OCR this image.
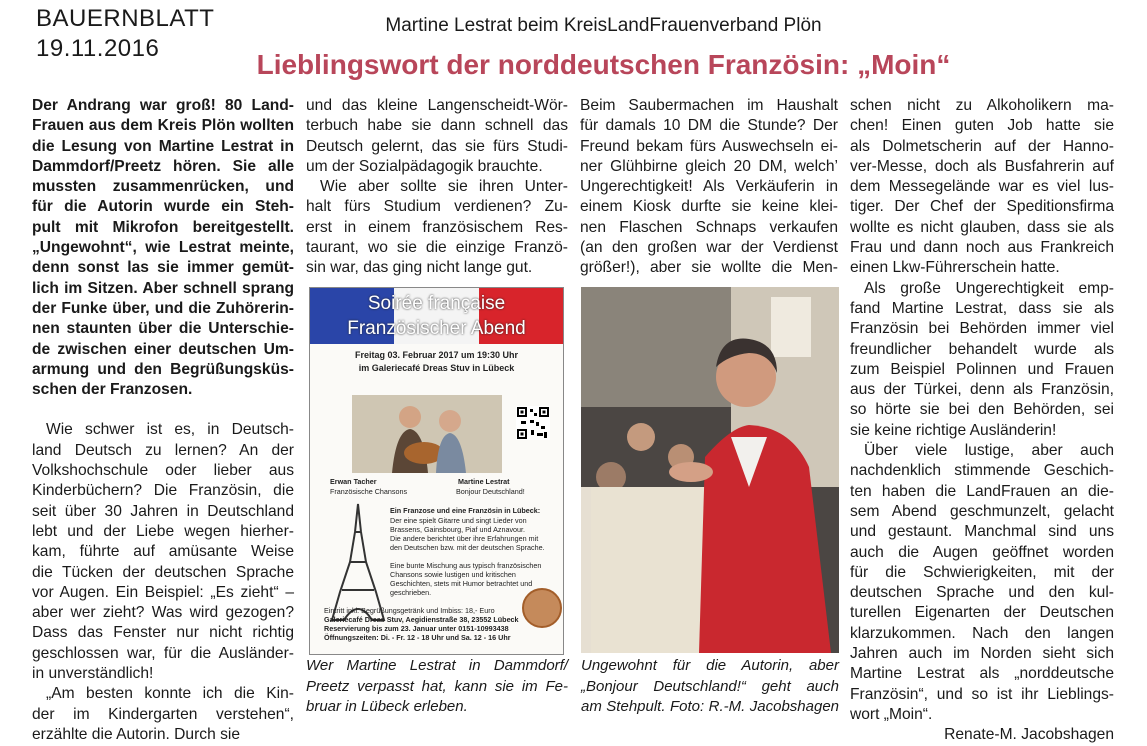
BAUERNBLATT
19.11.2016
Martine Lestrat beim KreisLandFrauenverband Plön
Lieblingswort der norddeutschen Französin: „Moin“
Der Andrang war groß! 80 Land-
Frauen aus dem Kreis Plön wollten
die Lesung von Martine Lestrat in
Dammdorf/Preetz hören. Sie alle
mussten zusammenrücken, und
für die Autorin wurde ein Steh-
pult mit Mikrofon bereitgestellt.
„Ungewohnt“, wie Lestrat meinte,
denn sonst las sie immer gemüt-
lich im Sitzen. Aber schnell sprang
der Funke über, und die Zuhörerin-
nen staunten über die Unterschie-
de zwischen einer deutschen Um-
armung und den Begrüßungsküs-
schen der Franzosen.
Wie schwer ist es, in Deutsch-
land Deutsch zu lernen? An der
Volkshochschule oder lieber aus
Kinderbüchern? Die Französin, die
seit über 30 Jahren in Deutschland
lebt und der Liebe wegen hierher-
kam, führte auf amüsante Weise
die Tücken der deutschen Sprache
vor Augen. Ein Beispiel: „Es zieht“ –
aber wer zieht? Was wird gezogen?
Dass das Fenster nur nicht richtig
geschlossen war, für die Ausländer-
in unverständlich!
„Am besten konnte ich die Kin-
der im Kindergarten verstehen“,
erzählte die Autorin. Durch sie
und das kleine Langenscheidt-Wör-
terbuch habe sie dann schnell das
Deutsch gelernt, das sie fürs Studi-
um der Sozialpädagogik brauchte.
Wie aber sollte sie ihren Unter-
halt fürs Studium verdienen? Zu-
erst in einem französischem Res-
taurant, wo sie die einzige Franzö-
sin war, das ging nicht lange gut.
Soirée française
Französischer Abend
Freitag 03. Februar 2017 um 19:30 Uhr
im Galeriecafé Dreas Stuv in Lübeck
Erwan Tacher
Französische Chansons
Martine Lestrat
Bonjour Deutschland!
Ein Franzose und eine Französin in Lübeck:
Der eine spielt Gitarre und singt Lieder von
Brassens, Gainsbourg, Piaf und Aznavour.
Die andere berichtet über ihre Erfahrungen mit
den Deutschen bzw. mit der deutschen Sprache.
Eine bunte Mischung aus typisch französischen
Chansons sowie lustigen und kritischen
Geschichten, stets mit Humor betrachtet und
geschrieben.
Eintritt inkl. Begrüßungsgetränk und Imbiss: 18,- Euro
Galeriecafé Dreas Stuv, Aegidienstraße 38, 23552 Lübeck
Reservierung bis zum 23. Januar unter 0151-10993438
Öffnungszeiten: Di. - Fr. 12 - 18 Uhr und Sa. 12 - 16 Uhr
Wer Martine Lestrat in Dammdorf/
Preetz verpasst hat, kann sie im Fe-
bruar in Lübeck erleben.
Beim Saubermachen im Haushalt
für damals 10 DM die Stunde? Der
Freund bekam fürs Auswechseln ei-
ner Glühbirne gleich 20 DM, welch’
Ungerechtigkeit! Als Verkäuferin in
einem Kiosk durfte sie keine klei-
nen Flaschen Schnaps verkaufen
(an den großen war der Verdienst
größer!), aber sie wollte die Men-
Ungewohnt für die Autorin, aber
„Bonjour Deutschland!“ geht auch
am Stehpult. Foto: R.-M. Jacobshagen
schen nicht zu Alkoholikern ma-
chen! Einen guten Job hatte sie
als Dolmetscherin auf der Hanno-
ver-Messe, doch als Busfahrerin auf
dem Messegelände war es viel lus-
tiger. Der Chef der Speditionsfirma
wollte es nicht glauben, dass sie als
Frau und dann noch aus Frankreich
einen Lkw-Führerschein hatte.
Als große Ungerechtigkeit emp-
fand Martine Lestrat, dass sie als
Französin bei Behörden immer viel
freundlicher behandelt wurde als
zum Beispiel Polinnen und Frauen
aus der Türkei, denn als Französin,
so hörte sie bei den Behörden, sei
sie keine richtige Ausländerin!
Über viele lustige, aber auch
nachdenklich stimmende Geschich-
ten haben die LandFrauen an die-
sem Abend geschmunzelt, gelacht
und gestaunt. Manchmal sind uns
auch die Augen geöffnet worden
für die Schwierigkeiten, mit der
deutschen Sprache und den kul-
turellen Eigenarten der Deutschen
klarzukommen. Nach den langen
Jahren auch im Norden sieht sich
Martine Lestrat als „norddeutsche
Französin“, und so ist ihr Lieblings-
wort „Moin“.
Renate-M. Jacobshagen
